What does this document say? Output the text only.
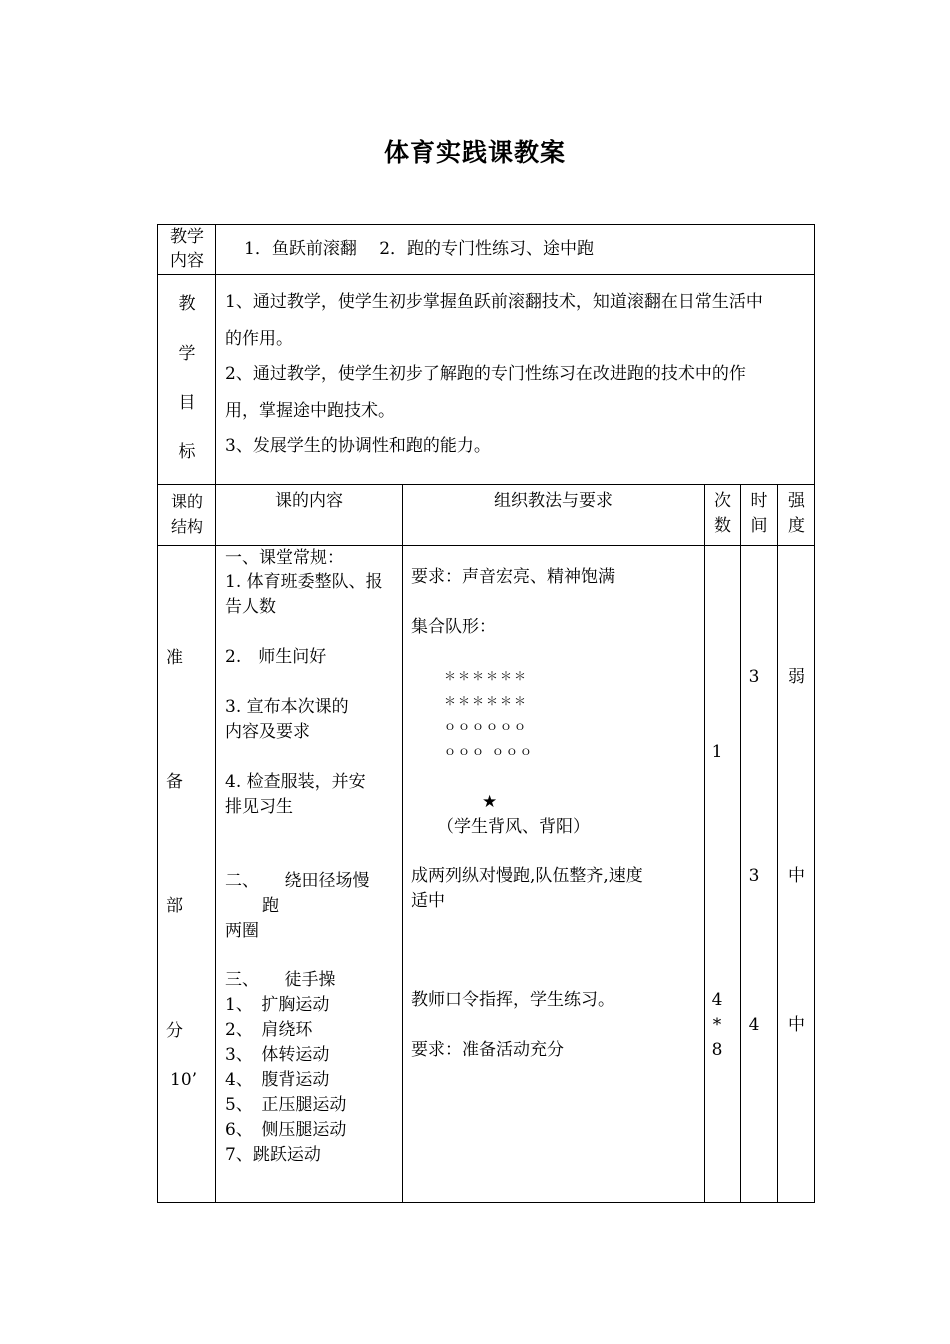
体育实践课教案
教学
内容
1．鱼跃前滚翻　 2．跑的专门性练习、途中跑
教
学
目
标
1、通过教学，使学生初步掌握鱼跃前滚翻技术，知道滚翻在日常生活中
的作用。
2、通过教学，使学生初步了解跑的专门性练习在改进跑的技术中的作
用，掌握途中跑技术。
3、发展学生的协调性和跑的能力。
课的
结构
课的内容	组织教法与要求	次
数
时
间
强
度
准
备
部
分
10’
一、课堂常规：
1. 体育班委整队、报
告人数
2.　师生问好
3. 宣布本次课的
内容及要求
4. 检查服装，并安
排见习生
二、　　绕田径场慢
跑
两圈
三、　　徒手操
1、　扩胸运动
2、　肩绕环
3、　体转运动
4、　腹背运动
5、　正压腿运动
6、　侧压腿运动
7、跳跃运动
要求：声音宏亮、精神饱满
集合队形：
＊＊＊＊＊＊
＊＊＊＊＊＊
ｏｏｏｏｏｏ
ｏｏｏ ｏｏｏ
★
（学生背风、背阳）
成两列纵对慢跑,队伍整齐,速度
适中
教师口令指挥，学生练习。
要求：准备活动充分
1
4
*
8
3
3
4
弱
中
中
